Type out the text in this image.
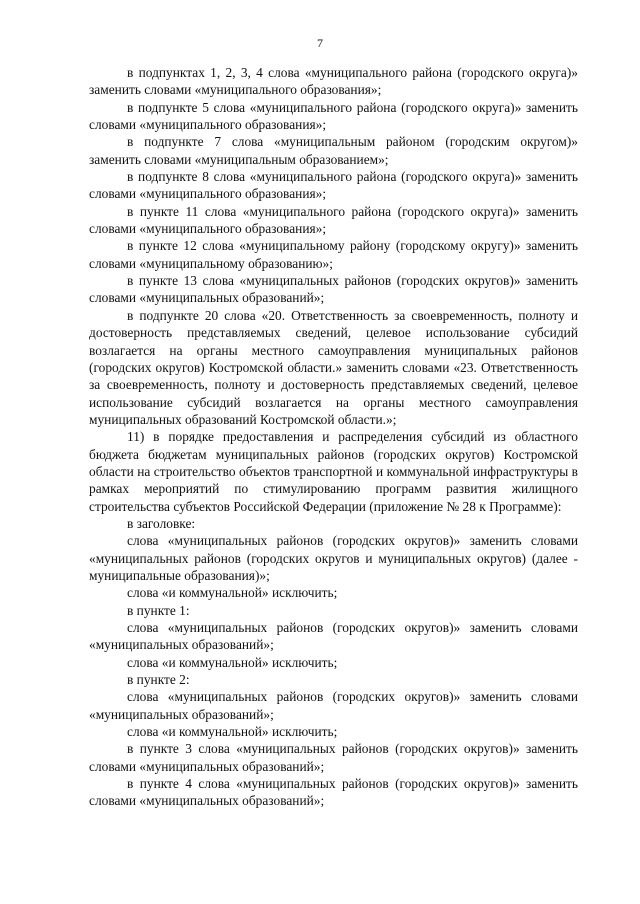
7

в подпунктах 1, 2, 3, 4 слова «муниципального района (городского округа)» заменить словами «муниципального образования»;

в подпункте 5 слова «муниципального района (городского округа)» заменить словами «муниципального образования»;

в подпункте 7 слова «муниципальным районом (городским округом)» заменить словами «муниципальным образованием»;

в подпункте 8 слова «муниципального района (городского округа)» заменить словами «муниципального образования»;

в пункте 11 слова «муниципального района (городского округа)» заменить словами «муниципального образования»;

в пункте 12 слова «муниципальному району (городскому округу)» заменить словами «муниципальному образованию»;

в пункте 13 слова «муниципальных районов (городских округов)» заменить словами «муниципальных образований»;

в подпункте 20 слова «20. Ответственность за своевременность, полноту и достоверность представляемых сведений, целевое использование субсидий возлагается на органы местного самоуправления муниципальных районов (городских округов) Костромской области.» заменить словами «23. Ответственность за своевременность, полноту и достоверность представляемых сведений, целевое использование субсидий возлагается на органы местного самоуправления муниципальных образований Костромской области.»;

11) в порядке предоставления и распределения субсидий из областного бюджета бюджетам муниципальных районов (городских округов) Костромской области на строительство объектов транспортной и коммунальной инфраструктуры в рамках мероприятий по стимулированию программ развития жилищного строительства субъектов Российской Федерации (приложение № 28 к Программе):

в заголовке:

слова «муниципальных районов (городских округов)» заменить словами «муниципальных районов (городских округов и муниципальных округов) (далее - муниципальные образования)»;

слова «и коммунальной» исключить;

в пункте 1:

слова «муниципальных районов (городских округов)» заменить словами «муниципальных образований»;

слова «и коммунальной» исключить;

в пункте 2:

слова «муниципальных районов (городских округов)» заменить словами «муниципальных образований»;

слова «и коммунальной» исключить;

в пункте 3 слова «муниципальных районов (городских округов)» заменить словами «муниципальных образований»;

в пункте 4 слова «муниципальных районов (городских округов)» заменить словами «муниципальных образований»;
